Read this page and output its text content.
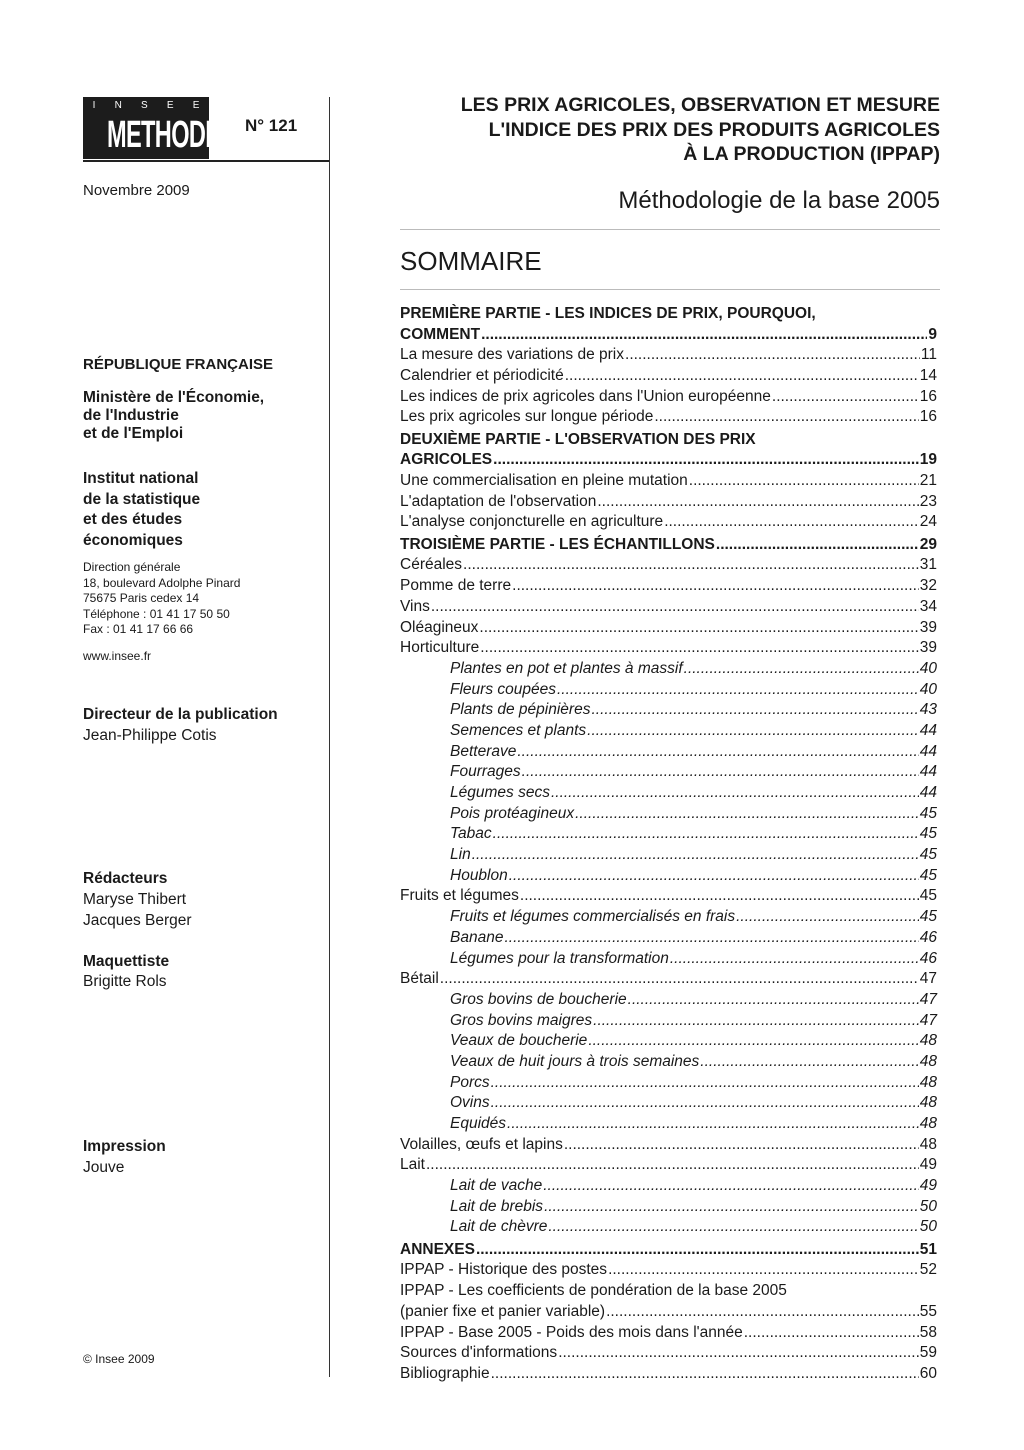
I N S E E
METHODES N° 121
Novembre 2009
RÉPUBLIQUE FRANÇAISE
Ministère de l'Économie,
de l'Industrie
et de l'Emploi
Institut national
de la statistique
et des études
économiques
Direction générale
18, boulevard Adolphe Pinard
75675 Paris cedex 14
Téléphone : 01 41 17 50 50
Fax : 01 41 17 66 66
www.insee.fr
Directeur de la publication
Jean-Philippe Cotis
Rédacteurs
Maryse Thibert
Jacques Berger
Maquettiste
Brigitte Rols
Impression
Jouve
© Insee 2009
LES PRIX AGRICOLES, OBSERVATION ET MESURE
L'INDICE DES PRIX DES PRODUITS AGRICOLES
À LA PRODUCTION (IPPAP)
Méthodologie de la base 2005
SOMMAIRE
PREMIÈRE PARTIE - LES INDICES DE PRIX, POURQUOI,
COMMENT .....	9
La mesure des variations de prix .....	11
Calendrier et périodicité .....	14
Les indices de prix agricoles dans l'Union européenne .....	16
Les prix agricoles sur longue période .....	16
DEUXIÈME PARTIE - L'OBSERVATION DES PRIX
AGRICOLES .....	19
Une commercialisation en pleine mutation .....	21
L'adaptation de l'observation .....	23
L'analyse conjoncturelle en agriculture .....	24
TROISIÈME PARTIE - LES ÉCHANTILLONS .....	29
Céréales .....	31
Pomme de terre .....	32
Vins .....	34
Oléagineux .....	39
Horticulture .....	39
Plantes en pot et plantes à massif .....	40
Fleurs coupées .....	40
Plants de pépinières .....	43
Semences et plants .....	44
Betterave .....	44
Fourrages .....	44
Légumes secs .....	44
Pois protéagineux .....	45
Tabac .....	45
Lin .....	45
Houblon .....	45
Fruits et légumes .....	45
Fruits et légumes commercialisés en frais .....	45
Banane .....	46
Légumes pour la transformation .....	46
Bétail .....	47
Gros bovins de boucherie .....	47
Gros bovins maigres .....	47
Veaux de boucherie .....	48
Veaux de huit jours à trois semaines .....	48
Porcs .....	48
Ovins .....	48
Equidés .....	48
Volailles, œufs et lapins .....	48
Lait .....	49
Lait de vache .....	49
Lait de brebis .....	50
Lait de chèvre .....	50
ANNEXES .....	51
IPPAP - Historique des postes .....	52
IPPAP - Les coefficients de pondération de la base 2005
(panier fixe et panier variable) .....	55
IPPAP - Base 2005 - Poids des mois dans l'année .....	58
Sources d'informations .....	59
Bibliographie .....	60
